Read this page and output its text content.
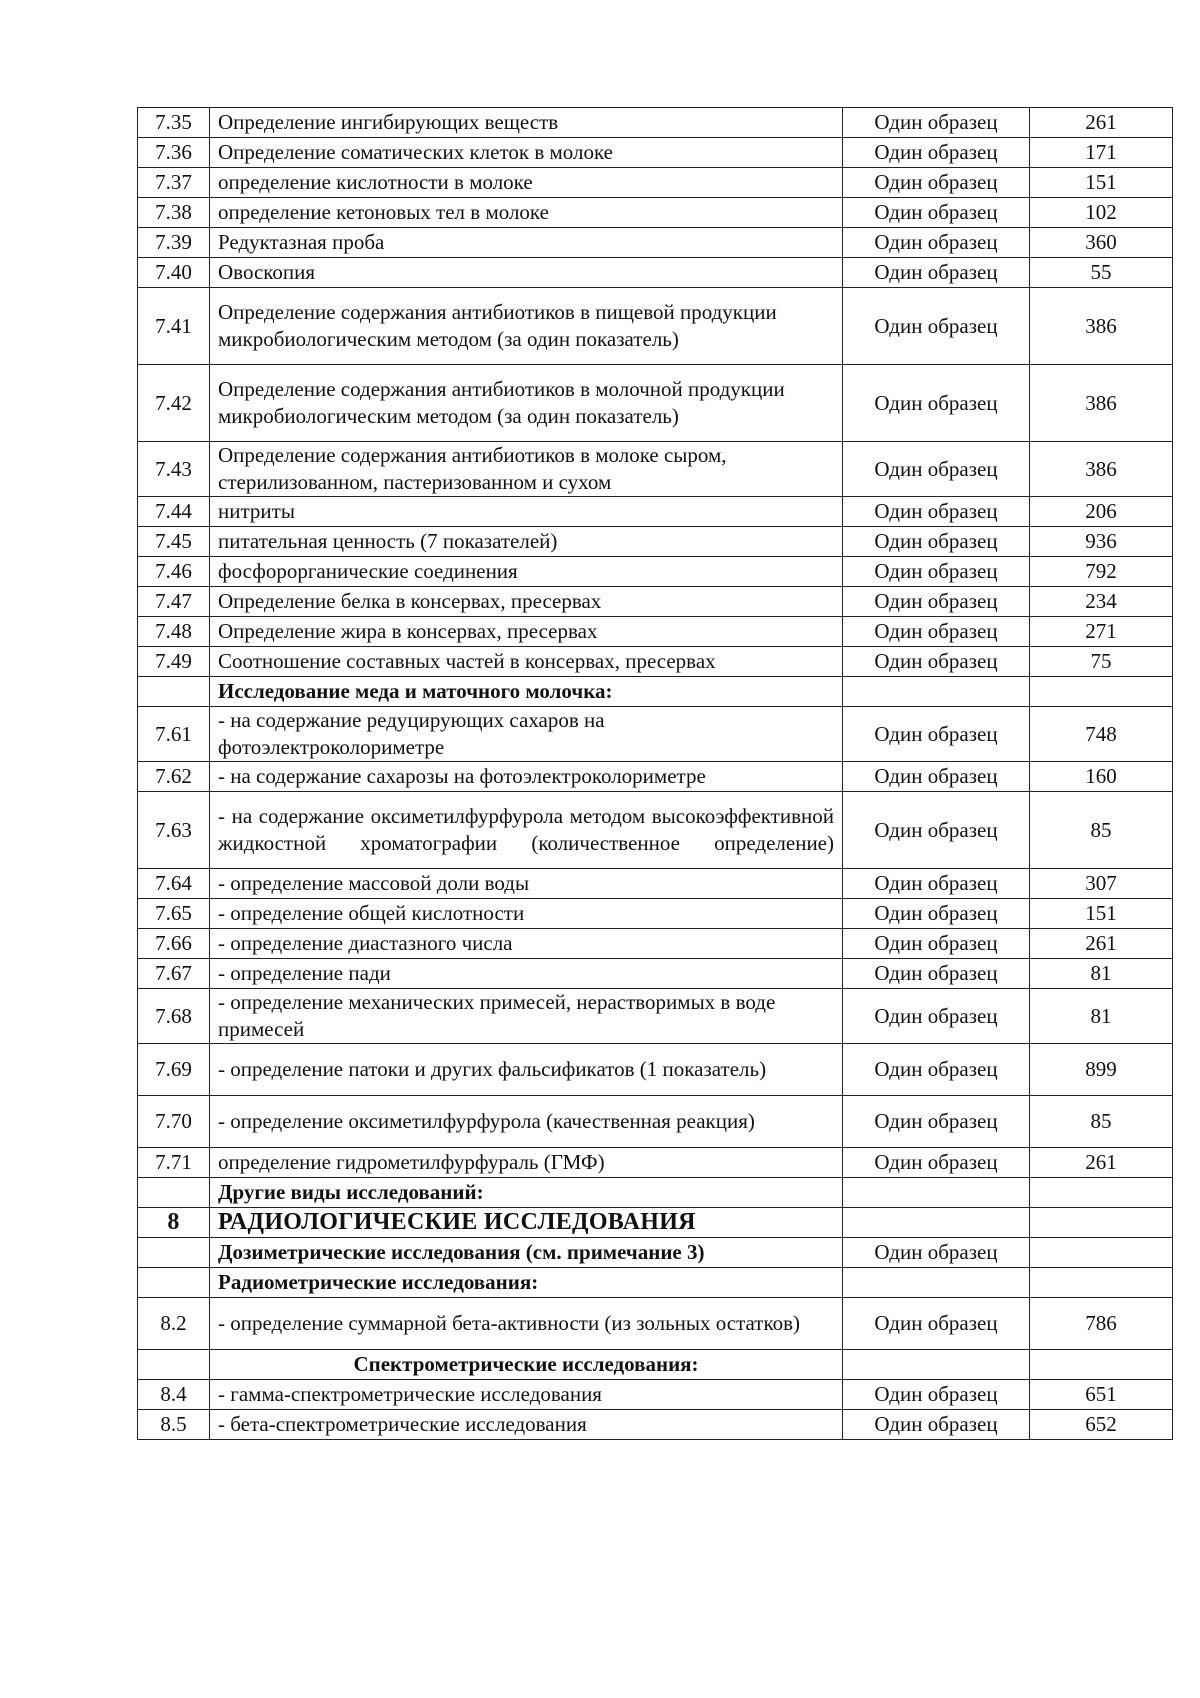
7.35	Определение ингибирующих веществ	Один образец	261
7.36	Определение соматических клеток в молоке	Один образец	171
7.37	определение кислотности в молоке	Один образец	151
7.38	определение кетоновых тел в молоке	Один образец	102
7.39	Редуктазная проба	Один образец	360
7.40	Овоскопия	Один образец	55
7.41	Определение содержания антибиотиков в пищевой продукции микробиологическим методом (за один показатель)	Один образец	386
7.42	Определение содержания антибиотиков в молочной продукции микробиологическим методом (за один показатель)	Один образец	386
7.43	Определение содержания антибиотиков в молоке сыром, стерилизованном, пастеризованном и сухом	Один образец	386
7.44	нитриты	Один образец	206
7.45	питательная ценность (7 показателей)	Один образец	936
7.46	фосфорорганические соединения	Один образец	792
7.47	Определение белка в консервах, пресервах	Один образец	234
7.48	Определение жира в консервах, пресервах	Один образец	271
7.49	Соотношение составных частей в консервах, пресервах	Один образец	75
	Исследование меда и маточного молочка:		
7.61	- на содержание редуцирующих сахаров на фотоэлектроколориметре	Один образец	748
7.62	- на содержание сахарозы на фотоэлектроколориметре	Один образец	160
7.63	- на содержание оксиметилфурфурола методом высокоэффективной жидкостной хроматографии (количественное определение)	Один образец	85
7.64	- определение массовой доли воды	Один образец	307
7.65	- определение общей кислотности	Один образец	151
7.66	- определение диастазного числа	Один образец	261
7.67	- определение пади	Один образец	81
7.68	- определение механических примесей, нерастворимых в воде примесей	Один образец	81
7.69	- определение патоки и других фальсификатов (1 показатель)	Один образец	899
7.70	- определение оксиметилфурфурола (качественная реакция)	Один образец	85
7.71	определение гидрометилфурфураль (ГМФ)	Один образец	261
	Другие виды исследований:		
8	РАДИОЛОГИЧЕСКИЕ ИССЛЕДОВАНИЯ		
	Дозиметрические исследования (см. примечание 3)	Один образец	
	Радиометрические исследования:		
8.2	- определение суммарной бета-активности (из зольных остатков)	Один образец	786
	Спектрометрические исследования:		
8.4	- гамма-спектрометрические исследования	Один образец	651
8.5	- бета-спектрометрические исследования	Один образец	652
